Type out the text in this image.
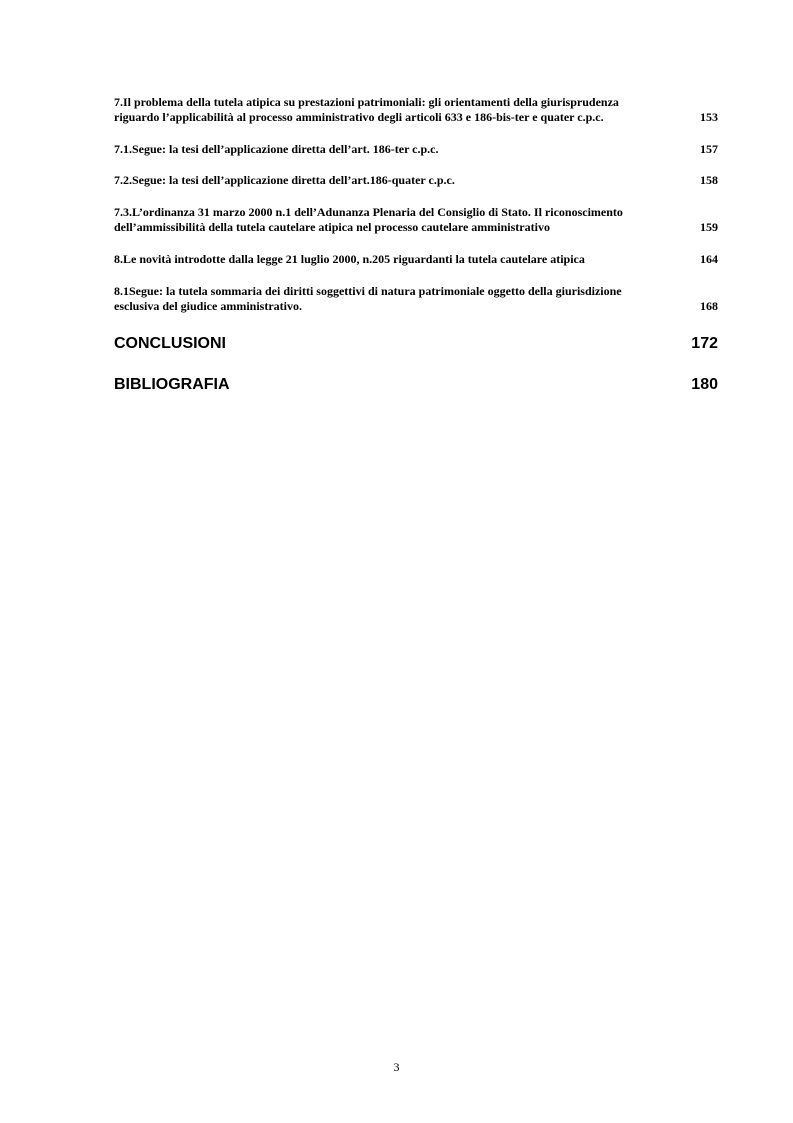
7.Il problema della tutela atipica su prestazioni patrimoniali: gli orientamenti della giurisprudenza
riguardo l’applicabilità al processo amministrativo degli articoli 633 e 186-bis-ter e quater c.p.c.	153
7.1.Segue: la tesi dell’applicazione diretta dell’art. 186-ter c.p.c.	157
7.2.Segue: la tesi dell’applicazione diretta dell’art.186-quater c.p.c.	158
7.3.L’ordinanza 31 marzo 2000 n.1 dell’Adunanza Plenaria del Consiglio di Stato. Il riconoscimento
dell’ammissibilità della tutela cautelare atipica nel processo cautelare amministrativo	159
8.Le novità introdotte dalla legge 21 luglio 2000, n.205 riguardanti la tutela cautelare atipica	164
8.1Segue: la tutela sommaria dei diritti soggettivi di natura patrimoniale oggetto della giurisdizione
esclusiva del giudice amministrativo.	168
CONCLUSIONI	172
BIBLIOGRAFIA	180
3
